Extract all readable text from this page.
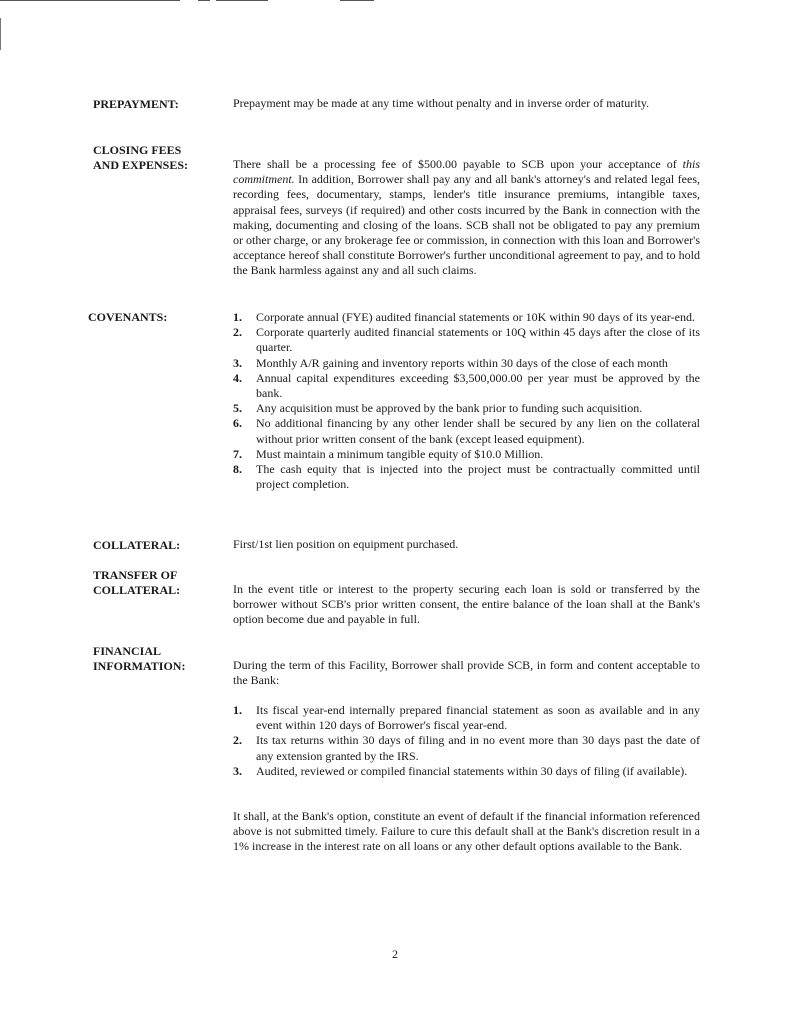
PREPAYMENT:	Prepayment may be made at any time without penalty and in inverse order of maturity.
CLOSING FEES
AND EXPENSES:	There shall be a processing fee of $500.00 payable to SCB upon your acceptance of this commitment. In addition, Borrower shall pay any and all bank's attorney's and related legal fees, recording fees, documentary, stamps, lender's title insurance premiums, intangible taxes, appraisal fees, surveys (if required) and other costs incurred by the Bank in connection with the making, documenting and closing of the loans. SCB shall not be obligated to pay any premium or other charge, or any brokerage fee or commission, in connection with this loan and Borrower's acceptance hereof shall constitute Borrower's further unconditional agreement to pay, and to hold the Bank harmless against any and all such claims.
COVENANTS:	1. Corporate annual (FYE) audited financial statements or 10K within 90 days of its year-end.
2. Corporate quarterly audited financial statements or 10Q within 45 days after the close of its quarter.
3. Monthly A/R gaining and inventory reports within 30 days of the close of each month
4. Annual capital expenditures exceeding $3,500,000.00 per year must be approved by the bank.
5. Any acquisition must be approved by the bank prior to funding such acquisition.
6. No additional financing by any other lender shall be secured by any lien on the collateral without prior written consent of the bank (except leased equipment).
7. Must maintain a minimum tangible equity of $10.0 Million.
8. The cash equity that is injected into the project must be contractually committed until project completion.
COLLATERAL:	First/1st lien position on equipment purchased.
TRANSFER OF
COLLATERAL:	In the event title or interest to the property securing each loan is sold or transferred by the borrower without SCB's prior written consent, the entire balance of the loan shall at the Bank's option become due and payable in full.
FINANCIAL
INFORMATION:	During the term of this Facility, Borrower shall provide SCB, in form and content acceptable to the Bank:
1. Its fiscal year-end internally prepared financial statement as soon as available and in any event within 120 days of Borrower's fiscal year-end.
2. Its tax returns within 30 days of filing and in no event more than 30 days past the date of any extension granted by the IRS.
3. Audited, reviewed or compiled financial statements within 30 days of filing (if available).
It shall, at the Bank's option, constitute an event of default if the financial information referenced above is not submitted timely. Failure to cure this default shall at the Bank's discretion result in a 1% increase in the interest rate on all loans or any other default options available to the Bank.
2
